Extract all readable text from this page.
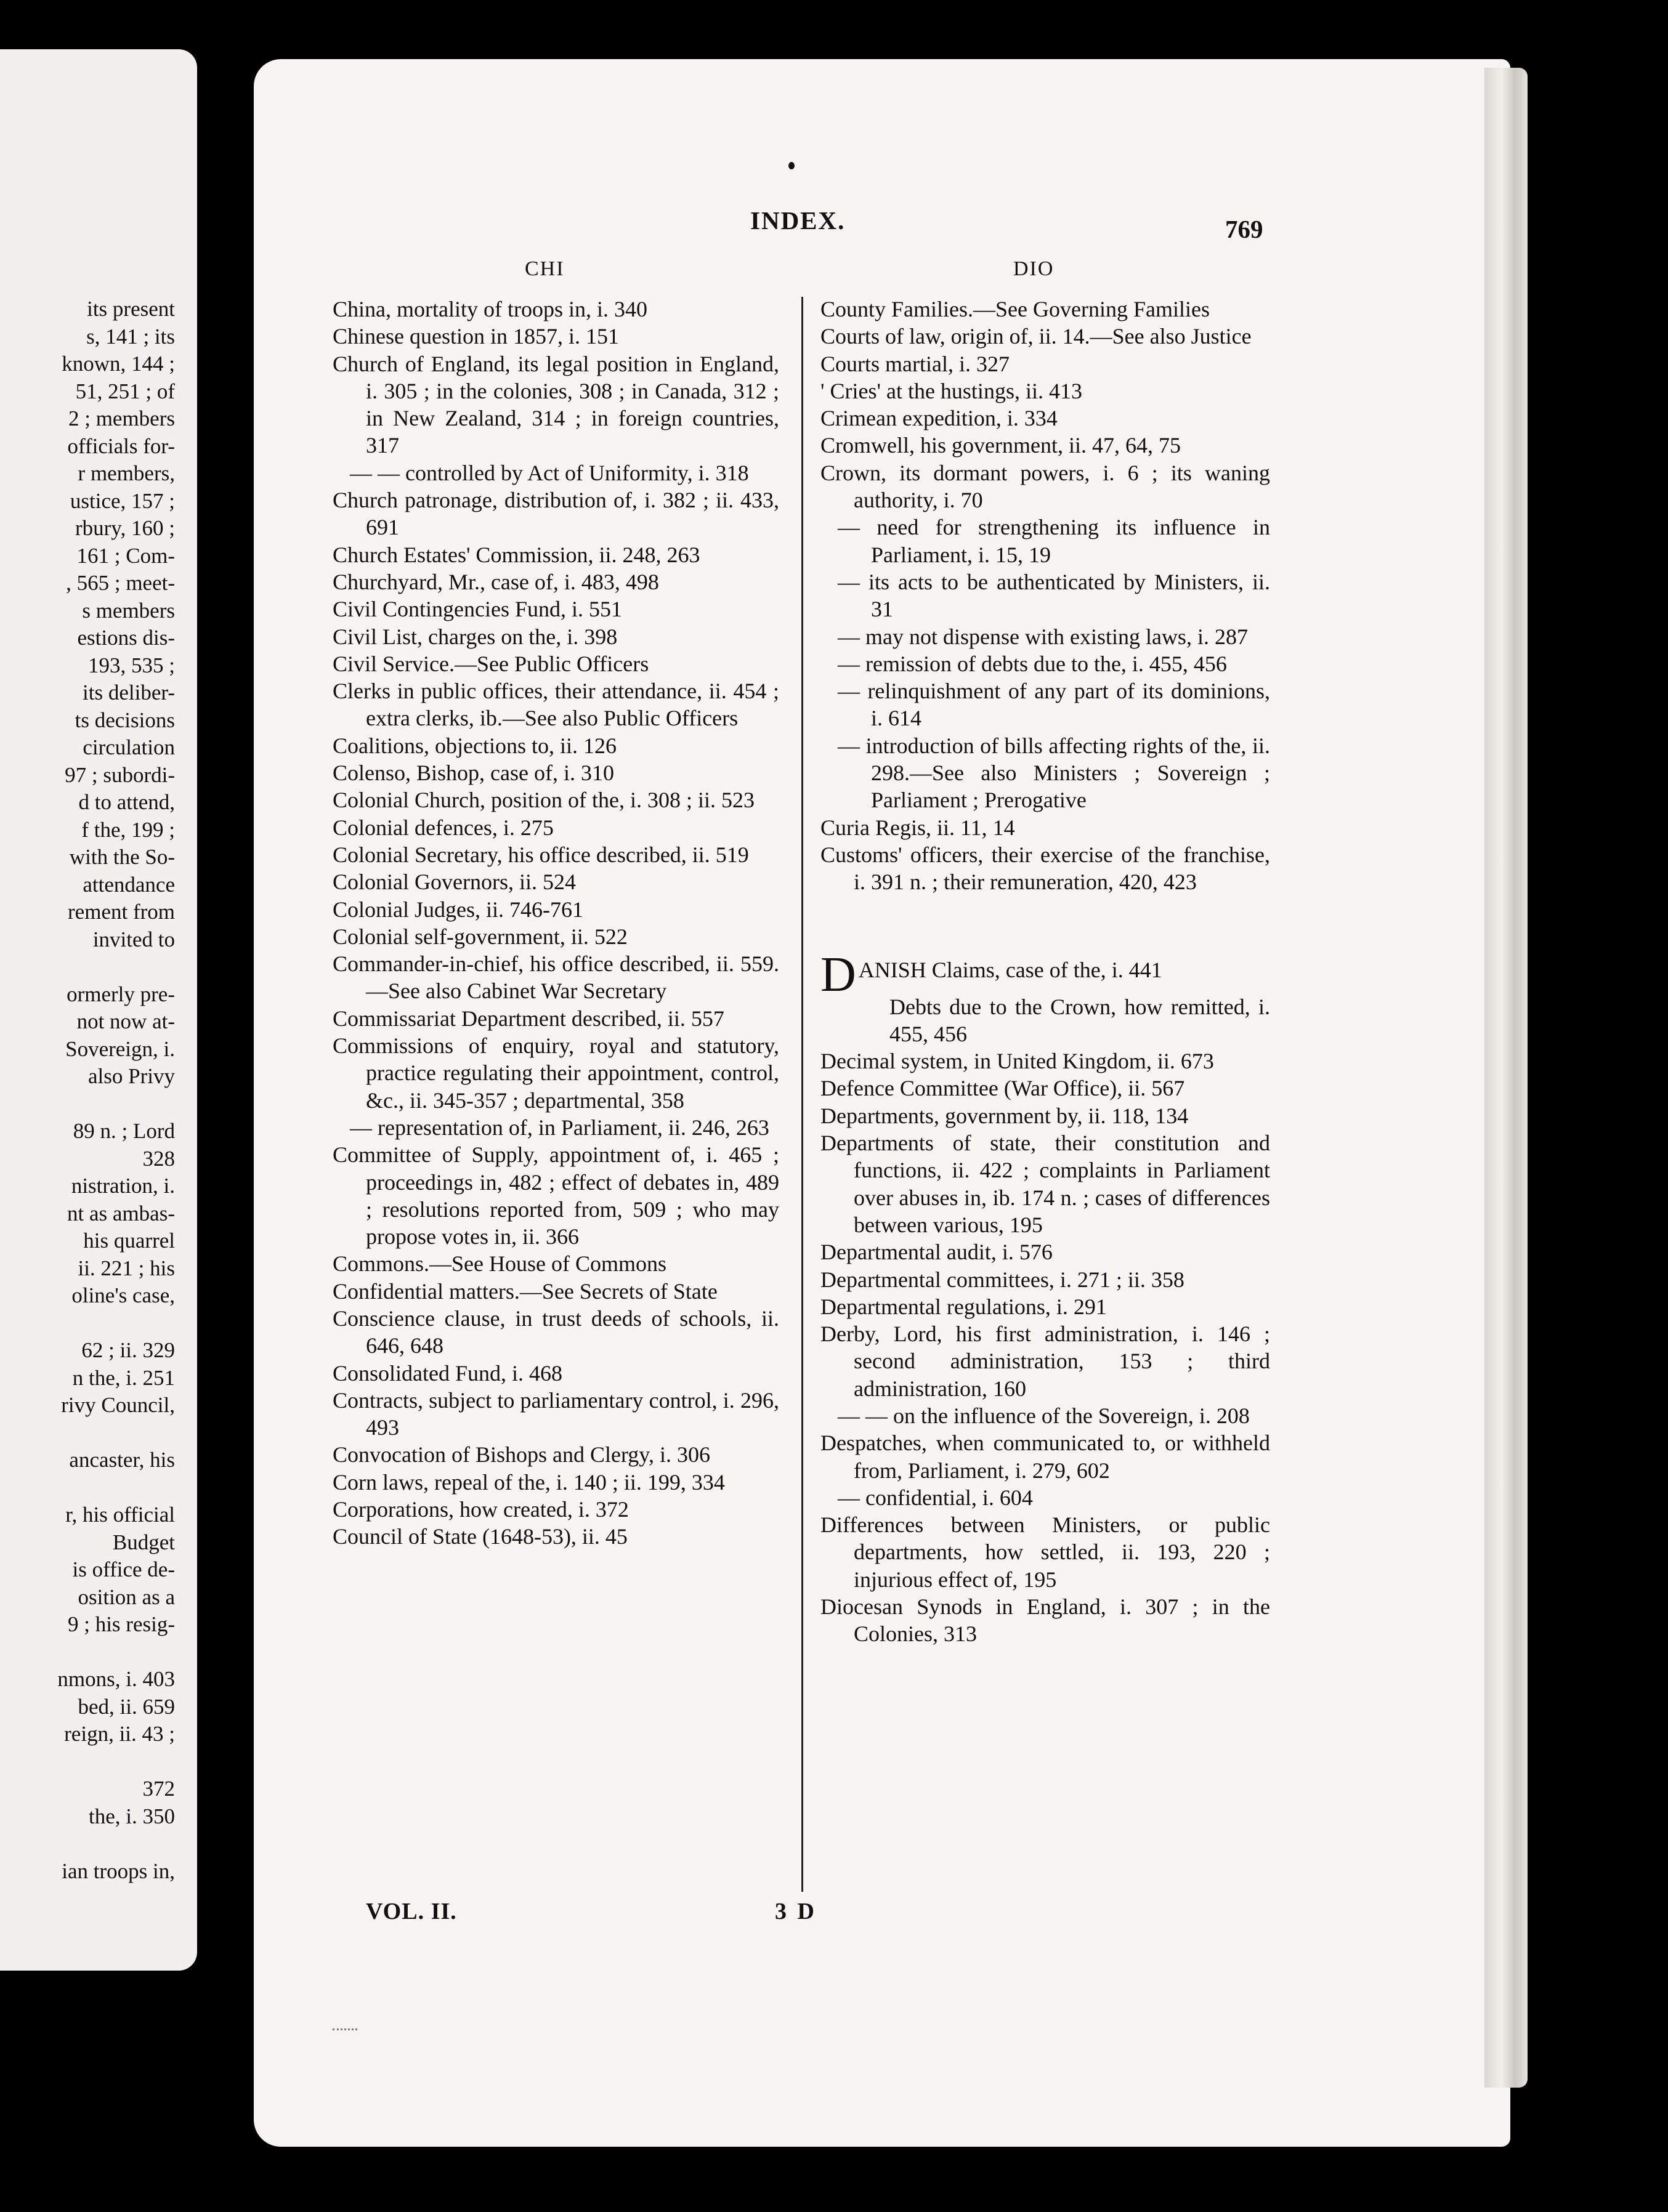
its present
s, 141 ; its
known, 144 ;
51, 251 ; of
2 ; members
officials for-
r members,
ustice, 157 ;
rbury, 160 ;
161 ; Com-
, 565 ; meet-
s members
estions dis-
193, 535 ;
its deliber-
ts decisions
circulation
97 ; subordi-
d to attend,
f the, 199 ;
with the So-
attendance
rement from
invited to
ormerly pre-
not now at-
Sovereign, i.
also Privy
89 n. ; Lord
328
nistration, i.
nt as ambas-
his quarrel
ii. 221 ; his
oline's case,
62 ; ii. 329
n the, i. 251
rivy Council,
ancaster, his
r, his official
Budget
is office de-
osition as a
9 ; his resig-
nmons, i. 403
bed, ii. 659
reign, ii. 43 ;
372
the, i. 350
ian troops in,
INDEX.	769
CHI	DIO
China, mortality of troops in, i. 340
Chinese question in 1857, i. 151
Church of England, its legal position in England, i. 305 ; in the colonies, 308 ; in Canada, 312 ; in New Zealand, 314 ; in foreign countries, 317
— — controlled by Act of Uniformity, i. 318
Church patronage, distribution of, i. 382 ; ii. 433, 691
Church Estates' Commission, ii. 248, 263
Churchyard, Mr., case of, i. 483, 498
Civil Contingencies Fund, i. 551
Civil List, charges on the, i. 398
Civil Service.—See Public Officers
Clerks in public offices, their attendance, ii. 454 ; extra clerks, ib.—See also Public Officers
Coalitions, objections to, ii. 126
Colenso, Bishop, case of, i. 310
Colonial Church, position of the, i. 308 ; ii. 523
Colonial defences, i. 275
Colonial Secretary, his office described, ii. 519
Colonial Governors, ii. 524
Colonial Judges, ii. 746-761
Colonial self-government, ii. 522
Commander-in-chief, his office described, ii. 559.—See also Cabinet War Secretary
Commissariat Department described, ii. 557
Commissions of enquiry, royal and statutory, practice regulating their appointment, control, &c., ii. 345-357 ; departmental, 358
— representation of, in Parliament, ii. 246, 263
Committee of Supply, appointment of, i. 465 ; proceedings in, 482 ; effect of debates in, 489 ; resolutions reported from, 509 ; who may propose votes in, ii. 366
Commons.—See House of Commons
Confidential matters.—See Secrets of State
Conscience clause, in trust deeds of schools, ii. 646, 648
Consolidated Fund, i. 468
Contracts, subject to parliamentary control, i. 296, 493
Convocation of Bishops and Clergy, i. 306
Corn laws, repeal of the, i. 140 ; ii. 199, 334
Corporations, how created, i. 372
Council of State (1648-53), ii. 45
County Families.—See Governing Families
Courts of law, origin of, ii. 14.—See also Justice
Courts martial, i. 327
' Cries' at the hustings, ii. 413
Crimean expedition, i. 334
Cromwell, his government, ii. 47, 64, 75
Crown, its dormant powers, i. 6 ; its waning authority, i. 70
— need for strengthening its influence in Parliament, i. 15, 19
— its acts to be authenticated by Ministers, ii. 31
— may not dispense with existing laws, i. 287
— remission of debts due to the, i. 455, 456
— relinquishment of any part of its dominions, i. 614
— introduction of bills affecting rights of the, ii. 298.—See also Ministers ; Sovereign ; Parliament ; Prerogative
Curia Regis, ii. 11, 14
Customs' officers, their exercise of the franchise, i. 391 n. ; their remuneration, 420, 423
D ANISH Claims, case of the, i. 441
Debts due to the Crown, how remitted, i. 455, 456
Decimal system, in United Kingdom, ii. 673
Defence Committee (War Office), ii. 567
Departments, government by, ii. 118, 134
Departments of state, their constitution and functions, ii. 422 ; complaints in Parliament over abuses in, ib. 174 n. ; cases of differences between various, 195
Departmental audit, i. 576
Departmental committees, i. 271 ; ii. 358
Departmental regulations, i. 291
Derby, Lord, his first administration, i. 146 ; second administration, 153 ; third administration, 160
— — on the influence of the Sovereign, i. 208
Despatches, when communicated to, or withheld from, Parliament, i. 279, 602
— confidential, i. 604
Differences between Ministers, or public departments, how settled, ii. 193, 220 ; injurious effect of, 195
Diocesan Synods in England, i. 307 ; in the Colonies, 313
VOL. II.	3 D
